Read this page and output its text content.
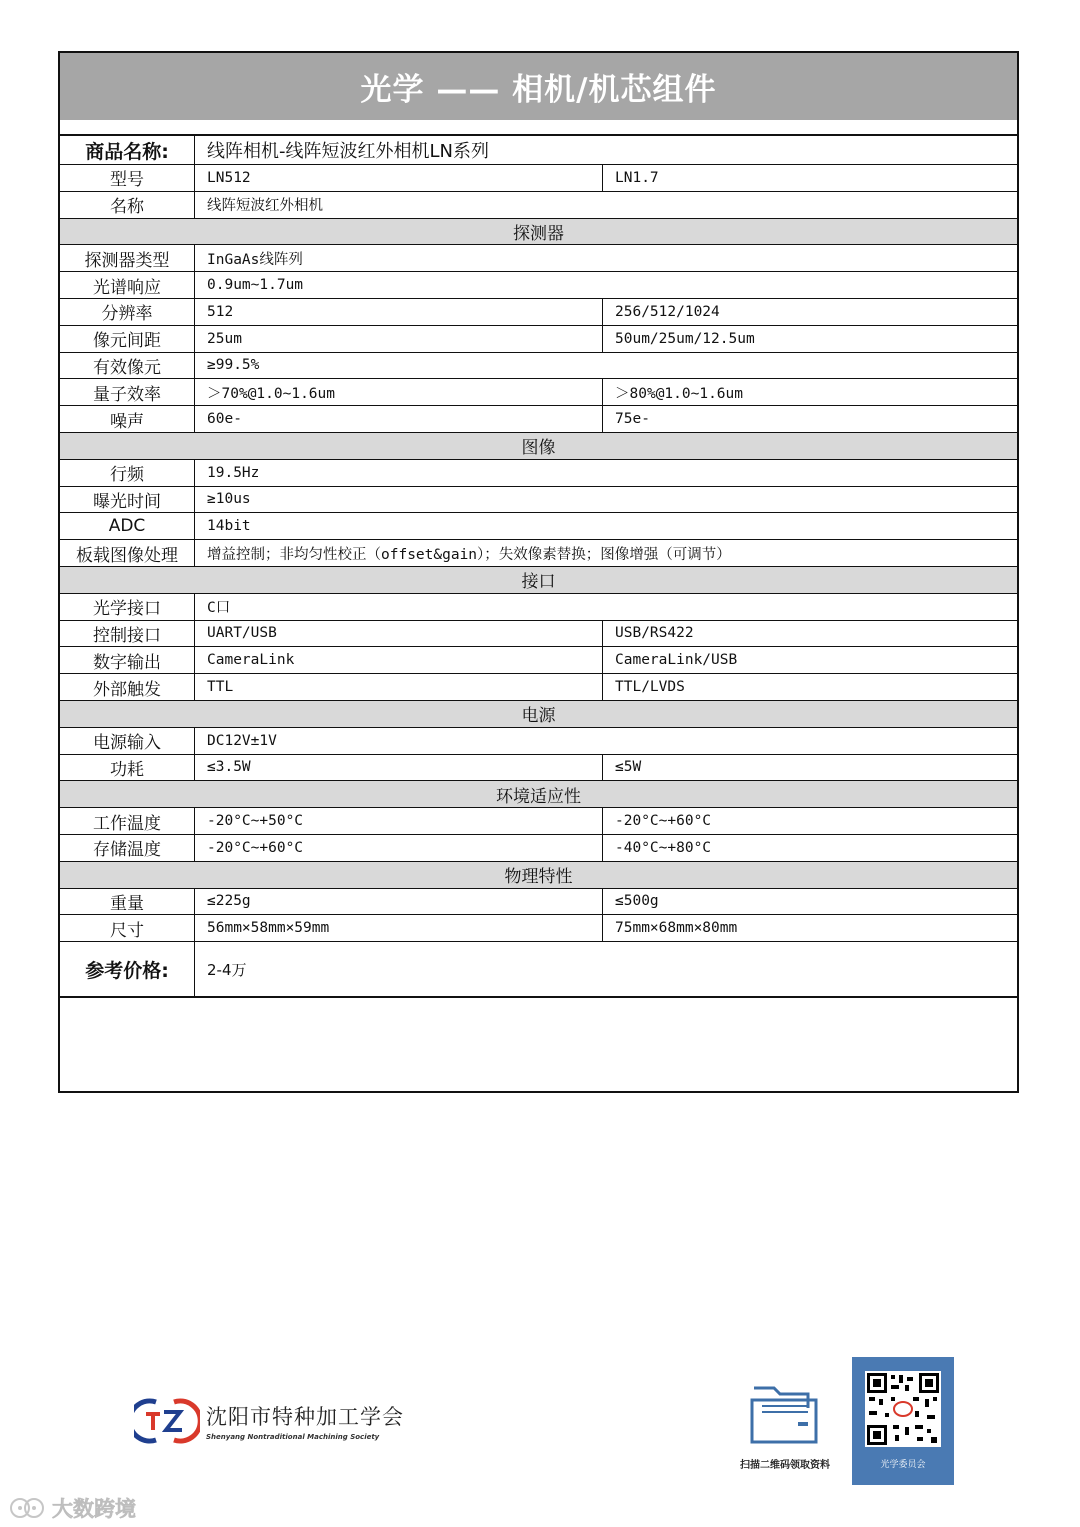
光学 —— 相机/机芯组件
商品名称:	线阵相机-线阵短波红外相机LN系列
型号	LN512	LN1.7
名称	线阵短波红外相机
探测器
探测器类型	InGaAs线阵列
光谱响应	0.9um~1.7um
分辨率	512	256/512/1024
像元间距	25um	50um/25um/12.5um
有效像元	≥99.5%
量子效率	＞70%@1.0~1.6um	＞80%@1.0~1.6um
噪声	60e-	75e-
图像
行频	19.5Hz
曝光时间	≥10us
ADC	14bit
板载图像处理	增益控制；非均匀性校正（offset&gain）；失效像素替换；图像增强（可调节）
接口
光学接口	C口
控制接口	UART/USB	USB/RS422
数字输出	CameraLink	CameraLink/USB
外部触发	TTL	TTL/LVDS
电源
电源输入	DC12V±1V
功耗	≤3.5W	≤5W
环境适应性
工作温度	-20°C~+50°C	-20°C~+60°C
存储温度	-20°C~+60°C	-40°C~+80°C
物理特性
重量	≤225g	≤500g
尺寸	56mm×58mm×59mm	75mm×68mm×80mm
参考价格:	2-4万
沈阳市特种加工学会
Shenyang Nontraditional Machining Society
扫描二维码领取资料	光学委员会
大数跨境
